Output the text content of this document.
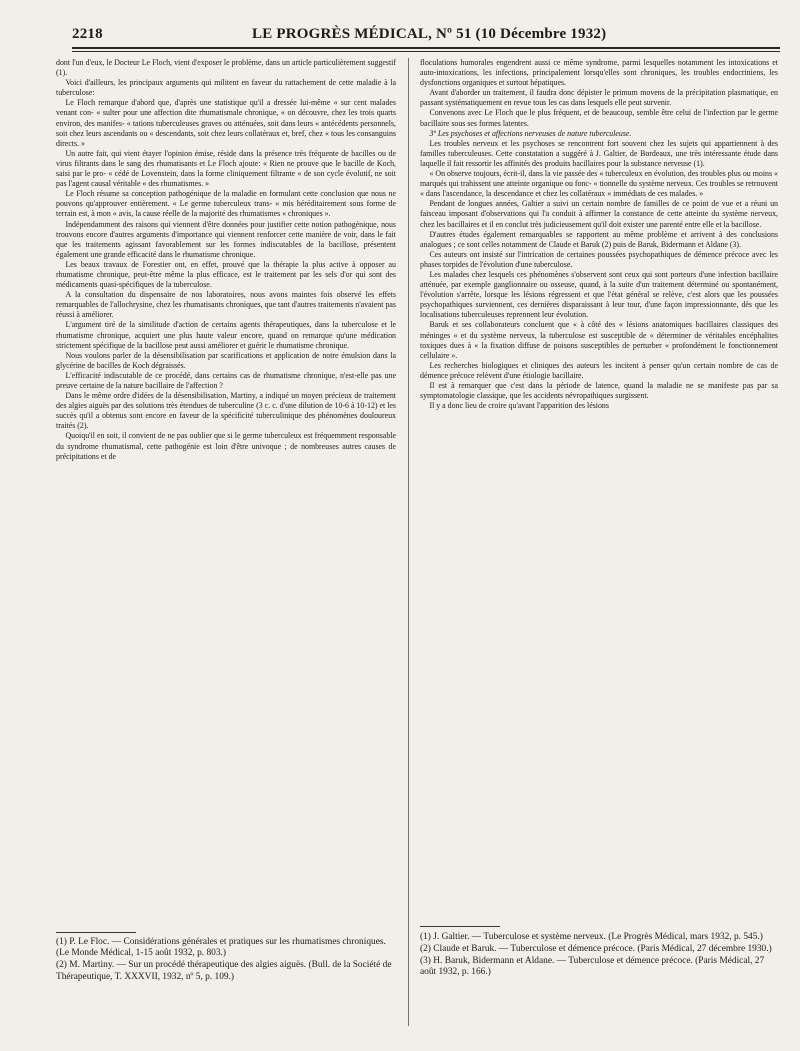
2218	LE PROGRÈS MÉDICAL, Nº 51 (10 Décembre 1932)

dont l'un d'eux, le Docteur Le Floch, vient d'exposer le problème, dans un article particulièrement suggestif (1).

Voici d'ailleurs, les principaux arguments qui militent en faveur du rattachement de cette maladie à la tuberculose:

Le Floch remarque d'abord que, d'après une statistique qu'il a dressée lui-même « sur cent malades venant con- « sulter pour une affection dite rhumatismale chronique, « on découvre, chez les trois quarts environ, des manifes- « tations tuberculeuses graves ou atténuées, soit dans leurs « antécédents personnels, soit chez leurs ascendants ou « descendants, soit chez leurs collatéraux et, bref, chez « tous les consanguins directs. »

Un autre fait, qui vient étayer l'opinion émise, réside dans la présence très fréquente de bacilles ou de virus filtrants dans le sang des rhumatisants et Le Floch ajoute: « Rien ne prouve que le bacille de Koch, saisi par le pro- « cédé de Lovenstein, dans la forme cliniquement filtrante « de son cycle évolutif, ne soit pas l'agent causal véritable « des rhumatismes. »

Le Floch résume sa conception pathogénique de la maladie en formulant cette conclusion que nous ne pouvons qu'approuver entièrement. « Le germe tuberculeux trans- « mis héréditairement sous forme de terrain est, à mon « avis, la cause réelle de la majorité des rhumatismes « chroniques ».

Indépendamment des raisons qui viennent d'être données pour justifier cette notion pathogénique, nous trouvons encore d'autres arguments d'importance qui viennent renforcer cette manière de voir, dans le fait que les traitements agissant favorablement sur les formes indiscutables de la bacillose, présentent également une grande efficacité dans le rhumatisme chronique.

Les beaux travaux de Forestier ont, en effet, prouvé que la thérapie la plus active à opposer au rhumatisme chronique, peut-être même la plus efficace, est le traitement par les sels d'or qui sont des médicaments quasi-spécifiques de la tuberculose.

A la consultation du dispensaire de nos laboratoires, nous avons maintes fois observé les effets remarquables de l'allochrysine, chez les rhumatisants chroniques, que tant d'autres traitements n'avaient pas réussi à améliorer.

L'argument tiré de la similitude d'action de certains agents thérapeutiques, dans la tuberculose et le rhumatisme chronique, acquiert une plus haute valeur encore, quand on remarque qu'une médication strictement spécifique de la bacillose peut aussi améliorer et guérir le rhumatisme chronique.

Nous voulons parler de la désensibilisation par scarifications et application de notre émulsion dans la glycérine de bacilles de Koch dégraissés.

L'efficacité indiscutable de ce procédé, dans certains cas de rhumatisme chronique, n'est-elle pas une preuve certaine de la nature bacillaire de l'affection ?

Dans le même ordre d'idées de la désensibilisation, Martiny, a indiqué un moyen précieux de traitement des algies aiguës par des solutions très étendues de tuberculine (3 c. c. d'une dilution de 10-6 à 10-12) et les succès qu'il a obtenus sont encore en faveur de la spécificité tuberculinique des phénomènes douloureux traités (2).

Quoiqu'il en soit, il convient de ne pas oublier que si le germe tuberculeux est fréquemment responsable du syndrome rhumatismal, cette pathogénie est loin d'être univoque ; de nombreuses autres causes de précipitations et de

floculations humorales engendrent aussi ce même syndrome, parmi lesquelles notamment les intoxications et auto-intoxications, les infections, principalement lorsqu'elles sont chroniques, les troubles endocriniens, les dysfonctions organiques et surtout hépatiques.

Avant d'aborder un traitement, il faudra donc dépister le primum movens de la précipitation plasmatique, en passant systématiquement en revue tous les cas dans lesquels elle peut survenir.

Convenons avec Le Floch que le plus fréquent, et de beaucoup, semble être celui de l'infection par le germe bacillaire sous ses formes latentes.

3º Les psychoses et affections nerveuses de nature tuberculeuse.

Les troubles nerveux et les psychoses se rencontrent fort souvent chez les sujets qui appartiennent à des familles tuberculeuses. Cette constatation a suggéré à J. Galtier, de Bordeaux, une très intéressante étude dans laquelle il fait ressortir les affinités des produits bacillaires pour la substance nerveuse (1).

« On observe toujours, écrit-il, dans la vie passée des « tuberculeux en évolution, des troubles plus ou moins « marqués qui trahissent une atteinte organique ou fonc- « tionnelle du système nerveux. Ces troubles se retrouvent « dans l'ascendance, la descendance et chez les collatéraux « immédiats de ces malades. »

Pendant de longues années, Galtier a suivi un certain nombre de familles de ce point de vue et a réuni un faisceau imposant d'observations qui l'a conduit à affirmer la constance de cette atteinte du système nerveux, chez les bacillaires et il en conclut très judicieusement qu'il doit exister une parenté entre elle et la bacillose.

D'autres études également remarquables se rapportent au même problème et arrivent à des conclusions analogues ; ce sont celles notamment de Claude et Baruk (2) puis de Baruk, Bidermann et Aldane (3).

Ces auteurs ont insisté sur l'intrication de certaines poussées psychopathiques de démence précoce avec les phases torpides de l'évolution d'une tuberculose.

Les malades chez lesquels ces phénomènes s'observent sont ceux qui sont porteurs d'une infection bacillaire atténuée, par exemple ganglionnaire ou osseuse, quand, à la suite d'un traitement déterminé ou spontanément, l'évolution s'arrête, lorsque les lésions régressent et que l'état général se relève, c'est alors que les poussées psychopathiques surviennent, ces dernières disparaissant à leur tour, d'une façon impressionnante, dès que les localisations tuberculeuses reprennent leur évolution.

Baruk et ses collaborateurs concluent que « à côté des « lésions anatomiques bacillaires classiques des méninges « et du système nerveux, la tuberculose est susceptible de « déterminer de véritables encéphalites toxiques dues à « la fixation diffuse de poisons susceptibles de perturber « profondément le fonctionnement cellulaire ».

Les recherches biologiques et cliniques des auteurs les incitent à penser qu'un certain nombre de cas de démence précoce relèvent d'une étiologie bacillaire.

Il est à remarquer que c'est dans la période de latence, quand la maladie ne se manifeste pas par sa symptomatologie classique, que les accidents névropathiques surgissent.

Il y a donc lieu de croire qu'avant l'apparition des lésions

(1) P. Le Floc. — Considérations générales et pratiques sur les rhumatismes chroniques. (Le Monde Médical, 1-15 août 1932, p. 803.)
(2) M. Martiny. — Sur un procédé thérapeutique des algies aiguës. (Bull. de la Société de Thérapeutique, T. XXXVII, 1932, nº 5, p. 109.)
(1) J. Galtier. — Tuberculose et système nerveux. (Le Progrès Médical, mars 1932, p. 545.)
(2) Claude et Baruk. — Tuberculose et démence précoce. (Paris Médical, 27 décembre 1930.)
(3) H. Baruk, Bidermann et Aldane. — Tuberculose et démence précoce. (Paris Médical, 27 août 1932, p. 166.)
